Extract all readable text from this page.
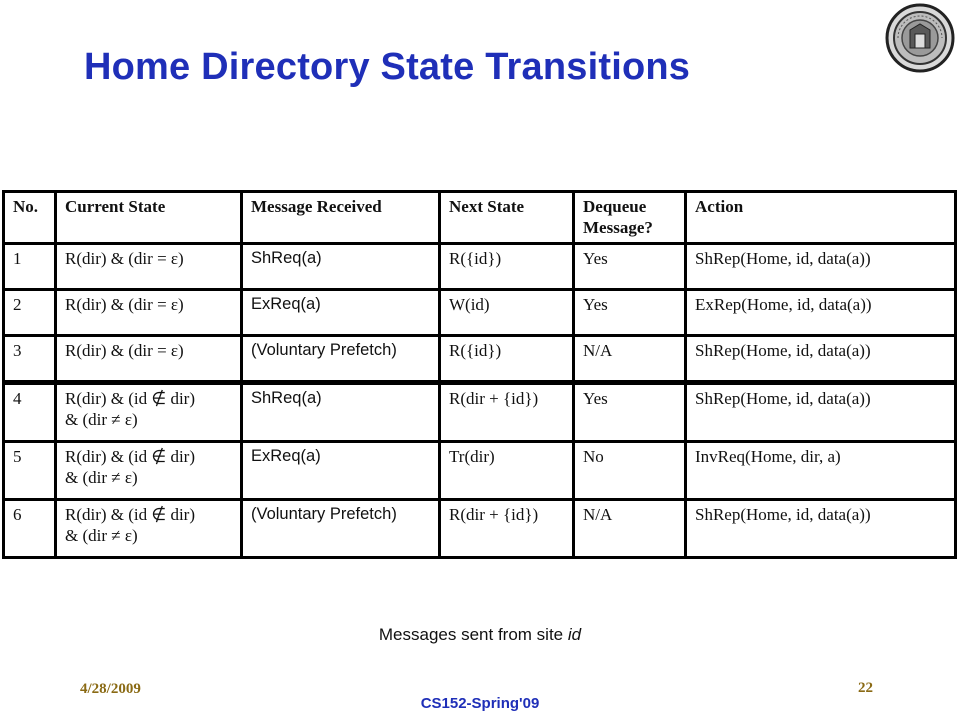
Home Directory State Transitions
No.	Current State	Message Received	Next State	Dequeue Message?	Action
1	R(dir) & (dir = ε)	ShReq(a)	R({id})	Yes	ShRep(Home, id, data(a))
2	R(dir) & (dir = ε)	ExReq(a)	W(id)	Yes	ExRep(Home, id, data(a))
3	R(dir) & (dir = ε)	(Voluntary Prefetch)	R({id})	N/A	ShRep(Home, id, data(a))
4	R(dir) & (id ∉ dir)
& (dir ≠ ε)	ShReq(a)	R(dir + {id})	Yes	ShRep(Home, id, data(a))
5	R(dir) & (id ∉ dir)
& (dir ≠ ε)	ExReq(a)	Tr(dir)	No	InvReq(Home, dir, a)
6	R(dir) & (id ∉ dir)
& (dir ≠ ε)	(Voluntary Prefetch)	R(dir + {id})	N/A	ShRep(Home, id, data(a))
Messages sent from site id
4/28/2009	22
CS152-Spring'09
